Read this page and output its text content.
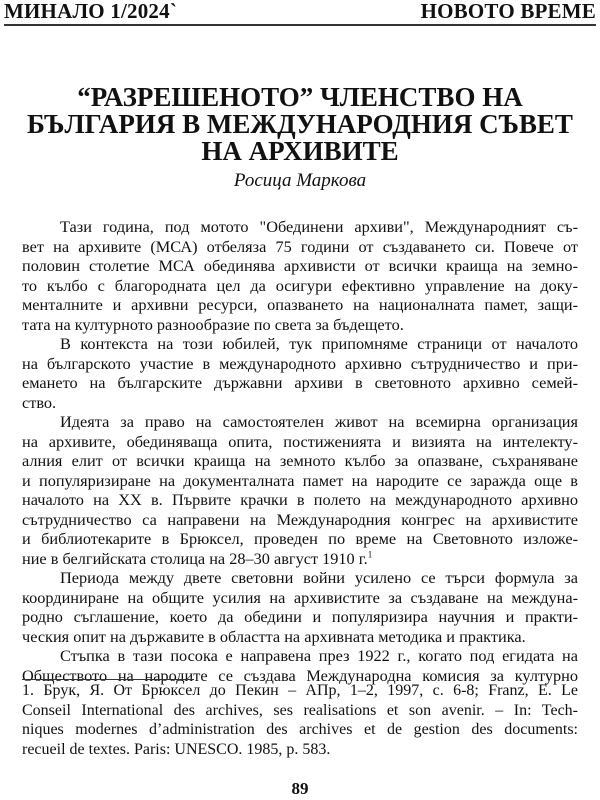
МИНАЛО 1/2024`	НОВОТО ВРЕМЕ
“РАЗРЕШЕНОТО” ЧЛЕНСТВО НА
БЪЛГАРИЯ В МЕЖДУНАРОДНИЯ СЪВЕТ
НА АРХИВИТЕ
Росица Маркова
Тази година, под мотото "Обединени архиви", Международният съ-
вет на архивите (МСА) отбеляза 75 години от създаването си. Повече от
половин столетие МСА обединява архивисти от всички краища на земно-
то кълбо с благородната цел да осигури ефективно управление на доку-
менталните и архивни ресурси, опазването на националната памет, защи-
тата на културното разнообразие по света за бъдещето.
В контекста на този юбилей, тук припомняме страници от началото
на българското участие в международното архивно сътрудничество и при-
емането на българските държавни архиви в световното архивно семей-
ство.
Идеята за право на самостоятелен живот на всемирна организация
на архивите, обединяваща опита, постиженията и визията на интелекту-
алния елит от всички краища на земното кълбо за опазване, съхраняване
и популяризиране на документалната памет на народите се заражда още в
началото на XX в. Първите крачки в полето на международното архивно
сътрудничество са направени на Международния конгрес на архивистите
и библиотекарите в Брюксел, проведен по време на Световното изложе-
ние в белгийската столица на 28–30 август 1910 г.$^1$
Периода между двете световни войни усилено се търси формула за
координиране на общите усилия на архивистите за създаване на междуна-
родно съглашение, което да обедини и популяризира научния и практи-
ческия опит на държавите в областта на архивната методика и практика.
Стъпка в тази посока е направена през 1922 г., когато под егидата на
Обществото на народите се създава Международна комисия за културно
1. Брук, Я. От Брюксел до Пекин – АПр, 1–2, 1997, с. 6-8; Franz, E. Le
Conseil International des archives, ses realisations et son avenir. – In: Tech-
niques modernes d’administration des archives et de gestion des documents:
recueil de textes. Paris: UNESCO. 1985, p. 583.
89
